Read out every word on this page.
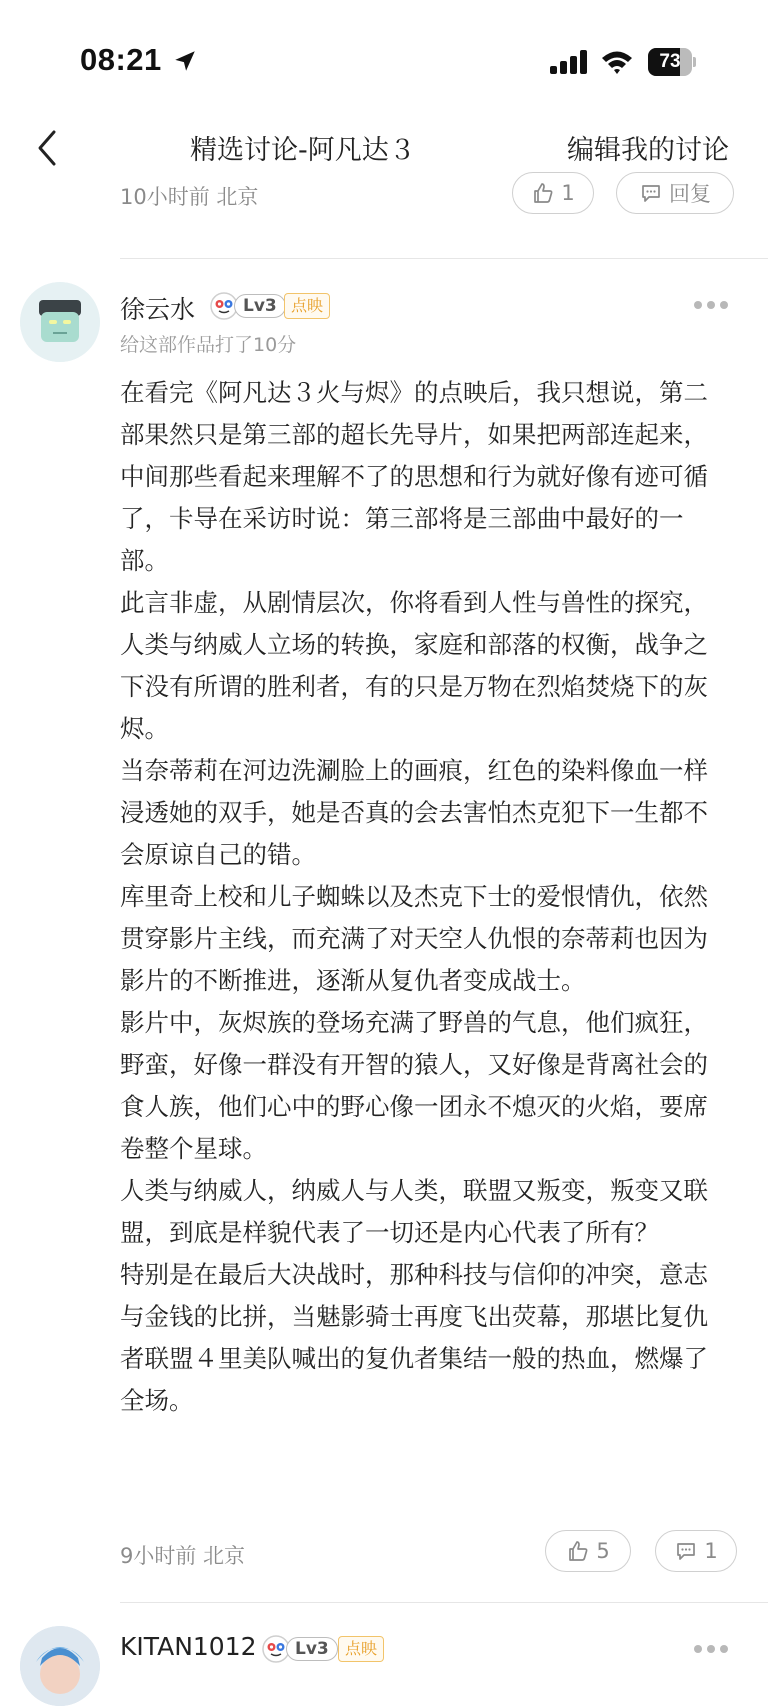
08:21	73
精选讨论-阿凡达３	编辑我的讨论
10小时前 北京	1	回复
徐云水	Lv3 点映
给这部作品打了10分

在看完《阿凡达３火与烬》的点映后，我只想说，第二部果然只是第三部的超长先导片，如果把两部连起来，中间那些看起来理解不了的思想和行为就好像有迹可循了，卡导在采访时说：第三部将是三部曲中最好的一部。

此言非虚，从剧情层次，你将看到人性与兽性的探究，人类与纳威人立场的转换，家庭和部落的权衡，战争之下没有所谓的胜利者，有的只是万物在烈焰焚烧下的灰烬。

当奈蒂莉在河边洗涮脸上的画痕，红色的染料像血一样浸透她的双手，她是否真的会去害怕杰克犯下一生都不会原谅自己的错。

库里奇上校和儿子蜘蛛以及杰克下士的爱恨情仇，依然贯穿影片主线，而充满了对天空人仇恨的奈蒂莉也因为影片的不断推进，逐渐从复仇者变成战士。

影片中，灰烬族的登场充满了野兽的气息，他们疯狂，野蛮，好像一群没有开智的猿人，又好像是背离社会的食人族，他们心中的野心像一团永不熄灭的火焰，要席卷整个星球。

人类与纳威人，纳威人与人类，联盟又叛变，叛变又联盟，到底是样貌代表了一切还是内心代表了所有？

特别是在最后大决战时，那种科技与信仰的冲突，意志与金钱的比拼，当魅影骑士再度飞出荧幕，那堪比复仇者联盟４里美队喊出的复仇者集结一般的热血，燃爆了全场。

9小时前 北京	5	1
KITAN1012	Lv3	点映
